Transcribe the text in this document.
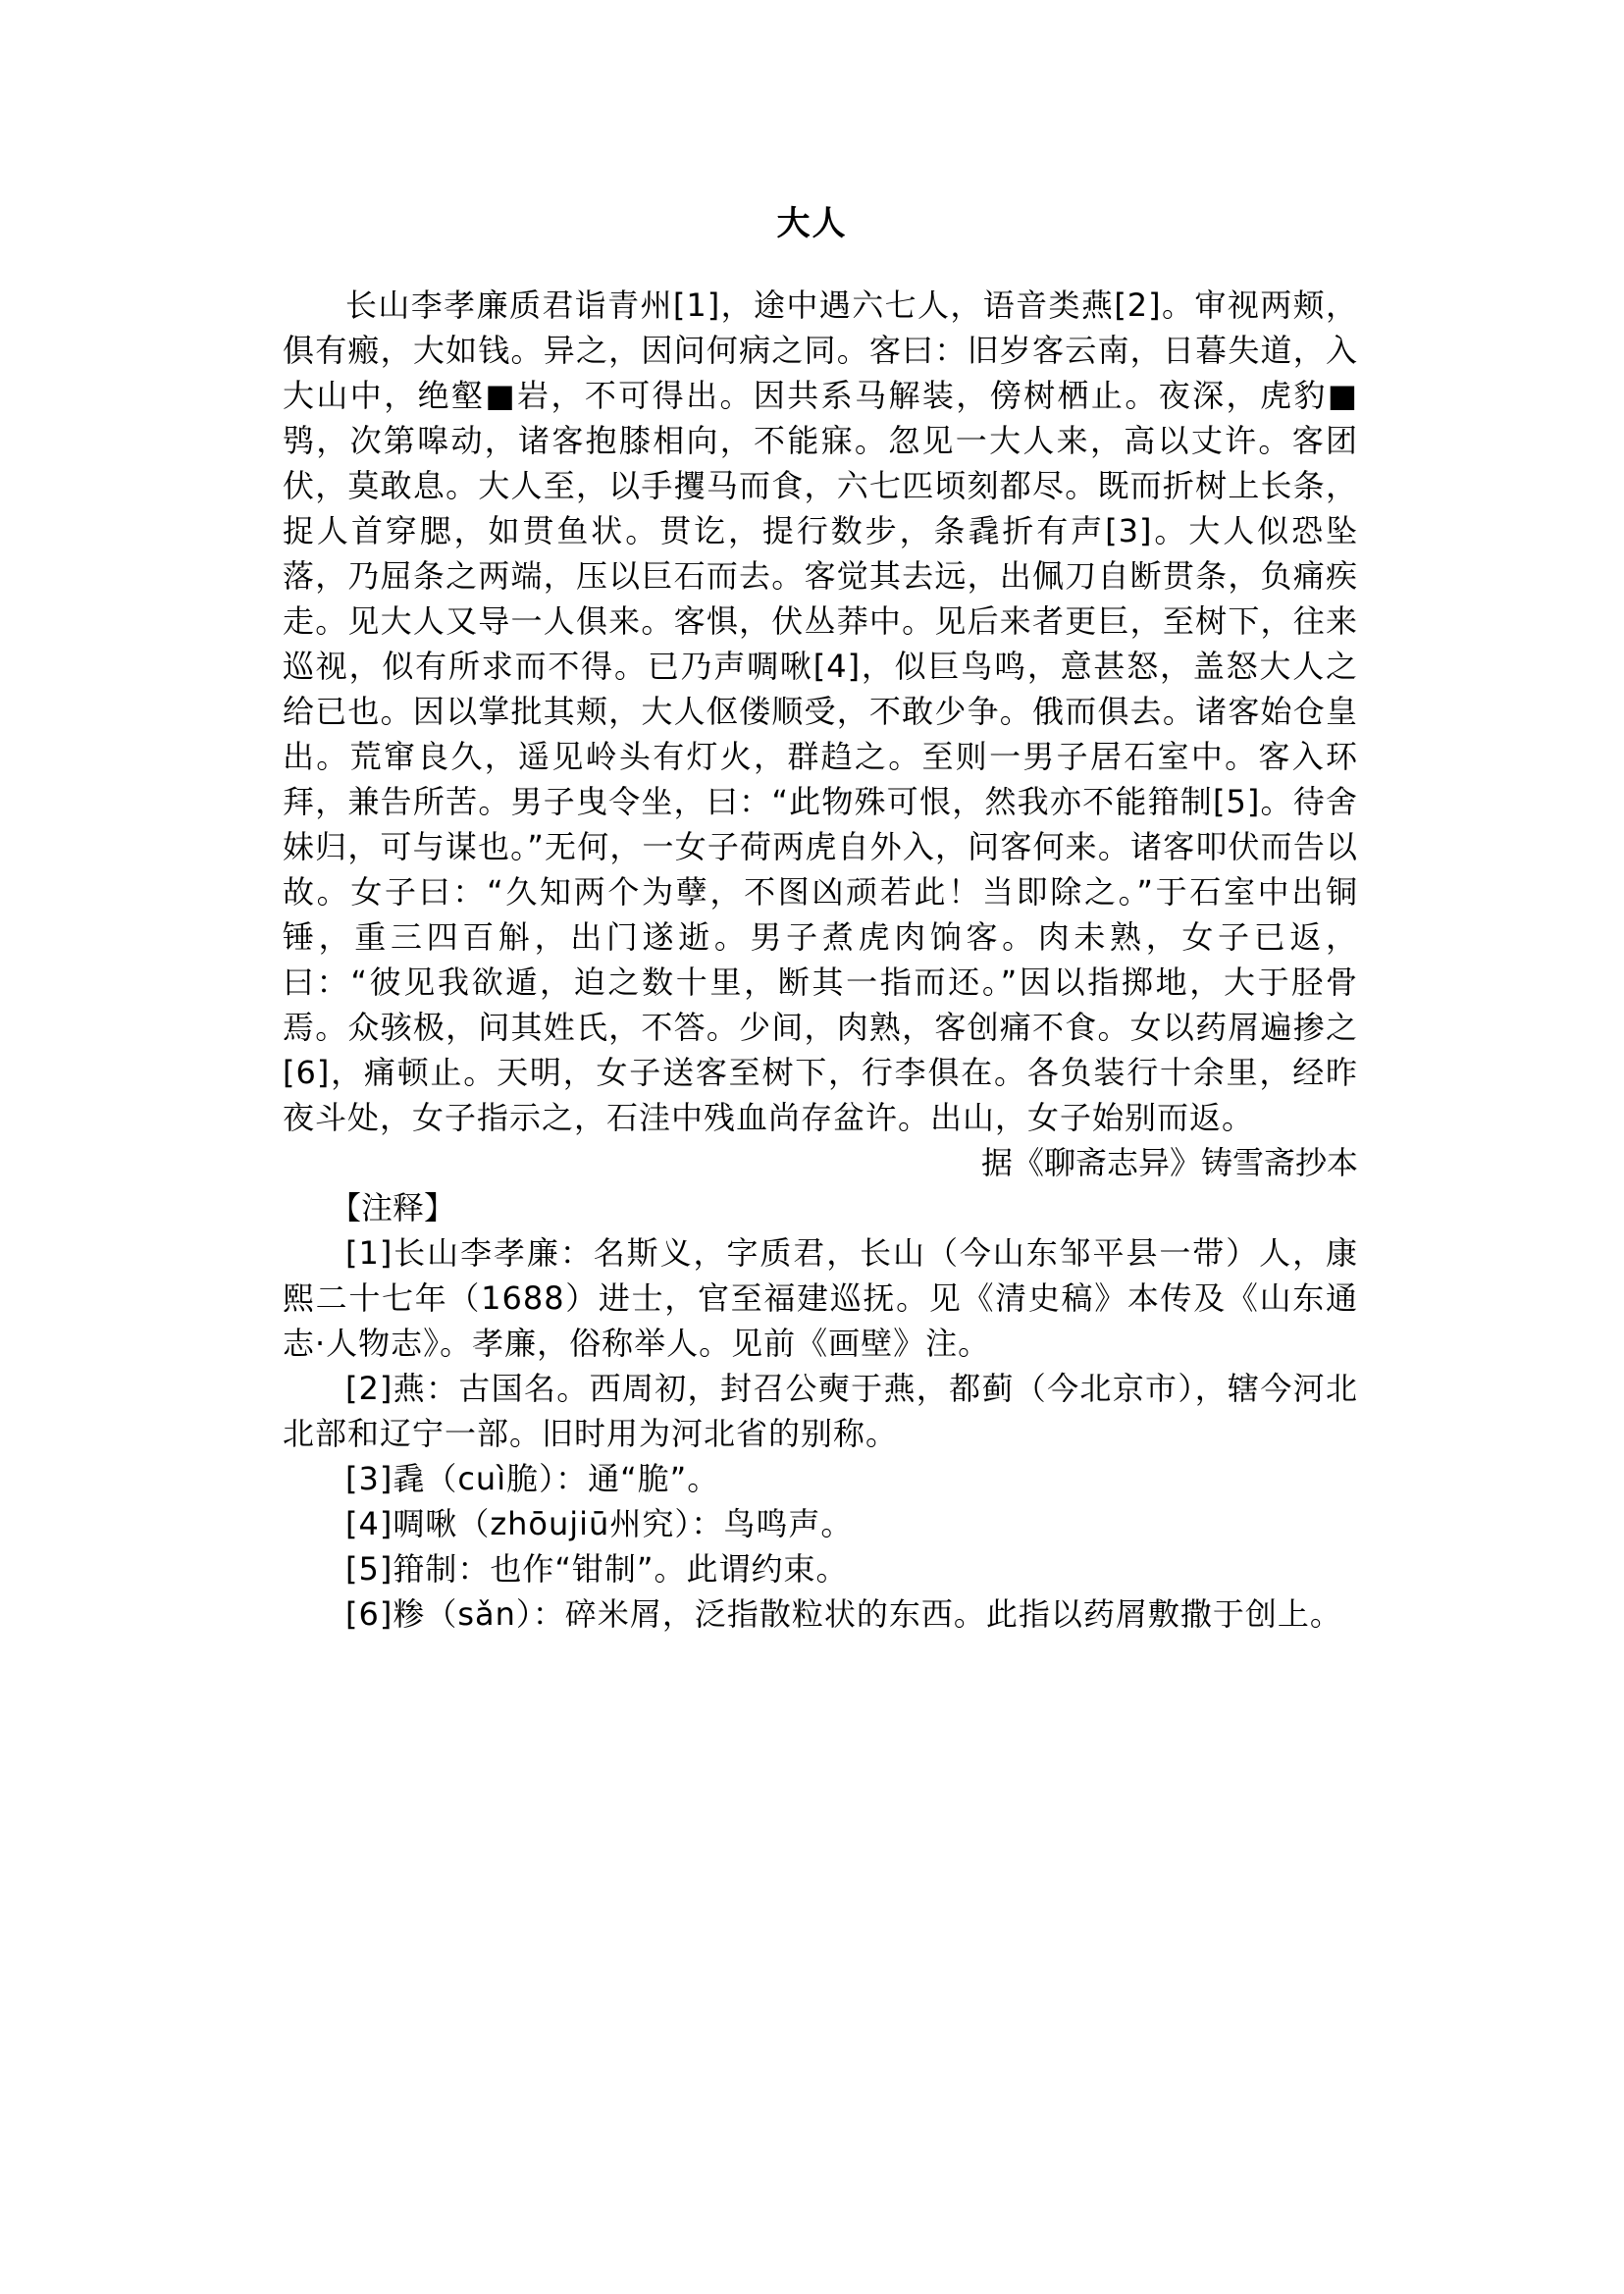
大人

长山李孝廉质君诣青州[1]，途中遇六七人，语音类燕[2]。审视两颊，俱有瘢，大如钱。异之，因问何病之同。客曰：旧岁客云南，日暮失道，入大山中，绝壑■岩，不可得出。因共系马解装，傍树栖止。夜深，虎豹■鸮，次第嗥动，诸客抱膝相向，不能寐。忽见一大人来，高以丈许。客团伏，莫敢息。大人至，以手攫马而食，六七匹顷刻都尽。既而折树上长条，捉人首穿腮，如贯鱼状。贯讫，提行数步，条毳折有声[3]。大人似恐坠落，乃屈条之两端，压以巨石而去。客觉其去远，出佩刀自断贯条，负痛疾走。见大人又导一人俱来。客惧，伏丛莽中。见后来者更巨，至树下，往来巡视，似有所求而不得。已乃声啁啾[4]，似巨鸟鸣，意甚怒，盖怒大人之给已也。因以掌批其颊，大人伛偻顺受，不敢少争。俄而俱去。诸客始仓皇出。荒窜良久，遥见岭头有灯火，群趋之。至则一男子居石室中。客入环拜，兼告所苦。男子曳令坐，曰：“此物殊可恨，然我亦不能箝制[5]。待舍妹归，可与谋也。”无何，一女子荷两虎自外入，问客何来。诸客叩伏而告以故。女子曰：“久知两个为孽，不图凶顽若此！当即除之。”于石室中出铜锤，重三四百斛，出门遂逝。男子煮虎肉饷客。肉未熟，女子已返，曰：“彼见我欲遁，迫之数十里，断其一指而还。”因以指掷地，大于胫骨焉。众骇极，问其姓氏，不答。少间，肉熟，客创痛不食。女以药屑遍掺之[6]，痛顿止。天明，女子送客至树下，行李俱在。各负装行十余里，经昨夜斗处，女子指示之，石洼中残血尚存盆许。出山，女子始别而返。

据《聊斋志异》铸雪斋抄本

【注释】

[1]长山李孝廉：名斯义，字质君，长山（今山东邹平县一带）人，康熙二十七年（1688）进士，官至福建巡抚。见《清史稿》本传及《山东通志·人物志》。孝廉，俗称举人。见前《画壁》注。

[2]燕：古国名。西周初，封召公奭于燕，都蓟（今北京市），辖今河北北部和辽宁一部。旧时用为河北省的别称。

[3]毳（cuì脆）：通“脆”。

[4]啁啾（zhōujiū州究）：鸟鸣声。

[5]箝制：也作“钳制”。此谓约束。

[6]糁（sǎn）：碎米屑，泛指散粒状的东西。此指以药屑敷撒于创上。
